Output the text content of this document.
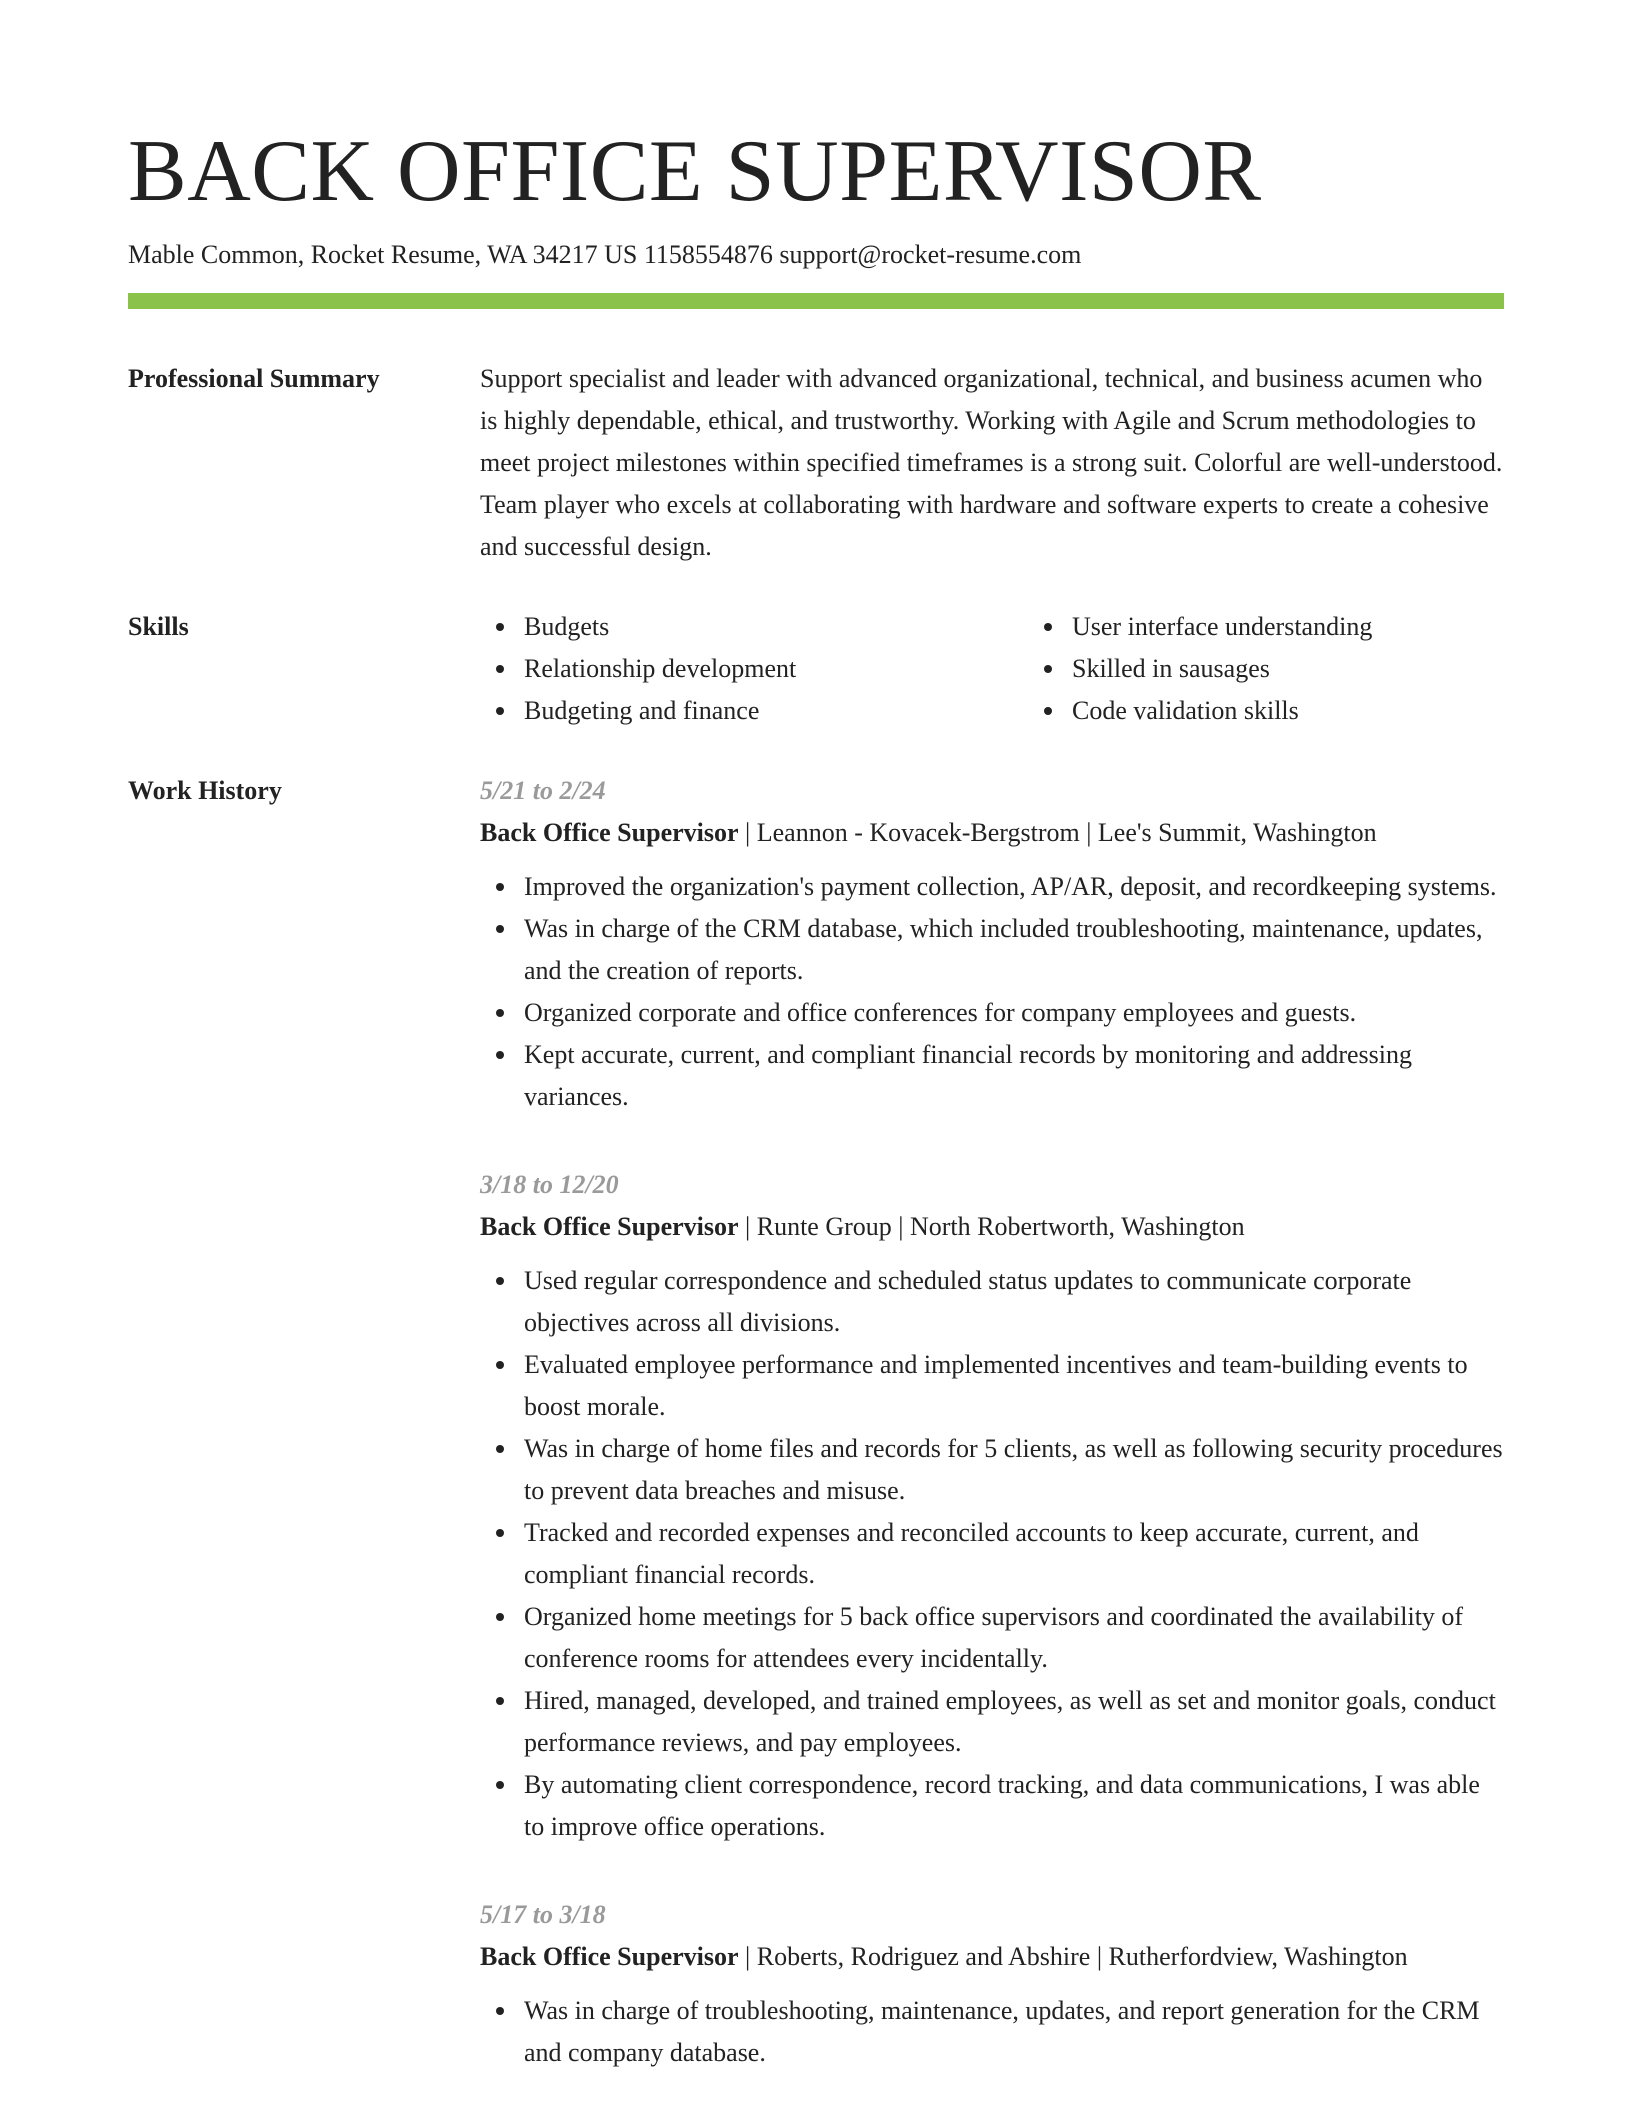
BACK OFFICE SUPERVISOR
Mable Common, Rocket Resume, WA 34217 US 1158554876 support@rocket-resume.com
Professional Summary	Support specialist and leader with advanced organizational, technical, and business acumen who is highly dependable, ethical, and trustworthy. Working with Agile and Scrum methodologies to meet project milestones within specified timeframes is a strong suit. Colorful are well-understood. Team player who excels at collaborating with hardware and software experts to create a cohesive and successful design.
Skills	Budgets
Relationship development
Budgeting and finance
User interface understanding
Skilled in sausages
Code validation skills
Work History	5/21 to 2/24
Back Office Supervisor | Leannon - Kovacek-Bergstrom | Lee's Summit, Washington
Improved the organization's payment collection, AP/AR, deposit, and recordkeeping systems.
Was in charge of the CRM database, which included troubleshooting, maintenance, updates, and the creation of reports.
Organized corporate and office conferences for company employees and guests.
Kept accurate, current, and compliant financial records by monitoring and addressing variances.
3/18 to 12/20
Back Office Supervisor | Runte Group | North Robertworth, Washington
Used regular correspondence and scheduled status updates to communicate corporate objectives across all divisions.
Evaluated employee performance and implemented incentives and team-building events to boost morale.
Was in charge of home files and records for 5 clients, as well as following security procedures to prevent data breaches and misuse.
Tracked and recorded expenses and reconciled accounts to keep accurate, current, and compliant financial records.
Organized home meetings for 5 back office supervisors and coordinated the availability of conference rooms for attendees every incidentally.
Hired, managed, developed, and trained employees, as well as set and monitor goals, conduct performance reviews, and pay employees.
By automating client correspondence, record tracking, and data communications, I was able to improve office operations.
5/17 to 3/18
Back Office Supervisor | Roberts, Rodriguez and Abshire | Rutherfordview, Washington
Was in charge of troubleshooting, maintenance, updates, and report generation for the CRM and company database.
